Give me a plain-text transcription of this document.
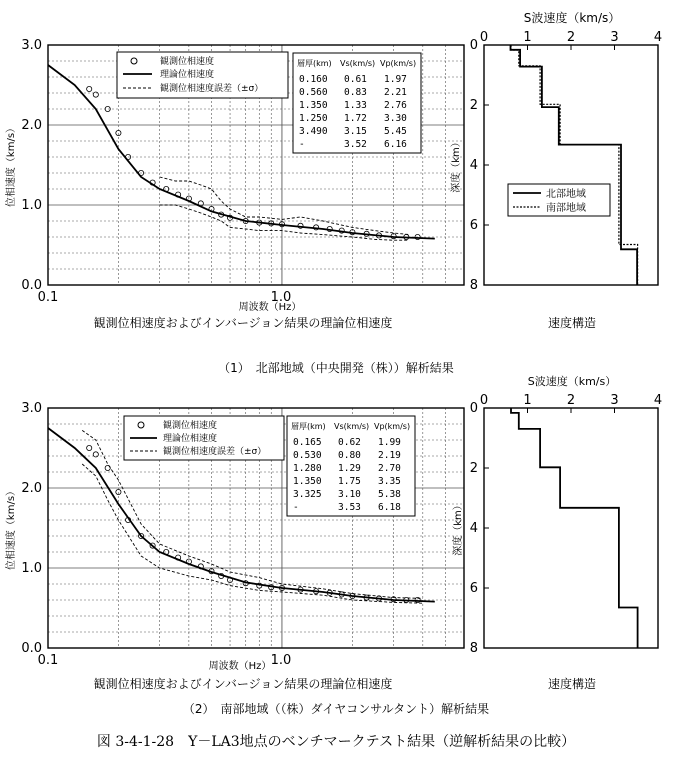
0.0
1.0
2.0
3.0
0.1	1.0
周波数（Hz）
位相速度（km/s）
観測位相速度およびインバージョン結果の理論位相速度
観測位相速度
理論位相速度
観測位相速度誤差（±σ）
層厚(km) Vs(km/s) Vp(km/s)
0.160 0.61 1.97
0.560 0.83 2.21
1.350 1.33 2.76
1.250 1.72 3.30
3.490 3.15 5.45
-	3.52 6.16
S波速度（km/s）
速度構造
深度（km）
0	1	2	3	4
0
2
4
6
8
北部地域
南部地域
（1）　北部地域（中央開発（株））解析結果
0.0
1.0
2.0
3.0
0.1	1.0
周波数（Hz）
位相速度（km/s）
観測位相速度およびインバージョン結果の理論位相速度
観測位相速度
理論位相速度
観測位相速度誤差（±σ）
層厚(km) Vs(km/s) Vp(km/s)
0.165 0.62 1.99
0.530 0.80 2.19
1.280 1.29 2.70
1.350 1.75 3.35
3.325 3.10 5.38
-	3.53 6.18
S波速度（km/s）
速度構造
深度（km）
0	1	2	3	4
0
2
4
6
8
（2）　南部地域（（株）ダイヤコンサルタント）解析結果
図 3-4-1-28　Y－LA3地点のベンチマークテスト結果（逆解析結果の比較）
